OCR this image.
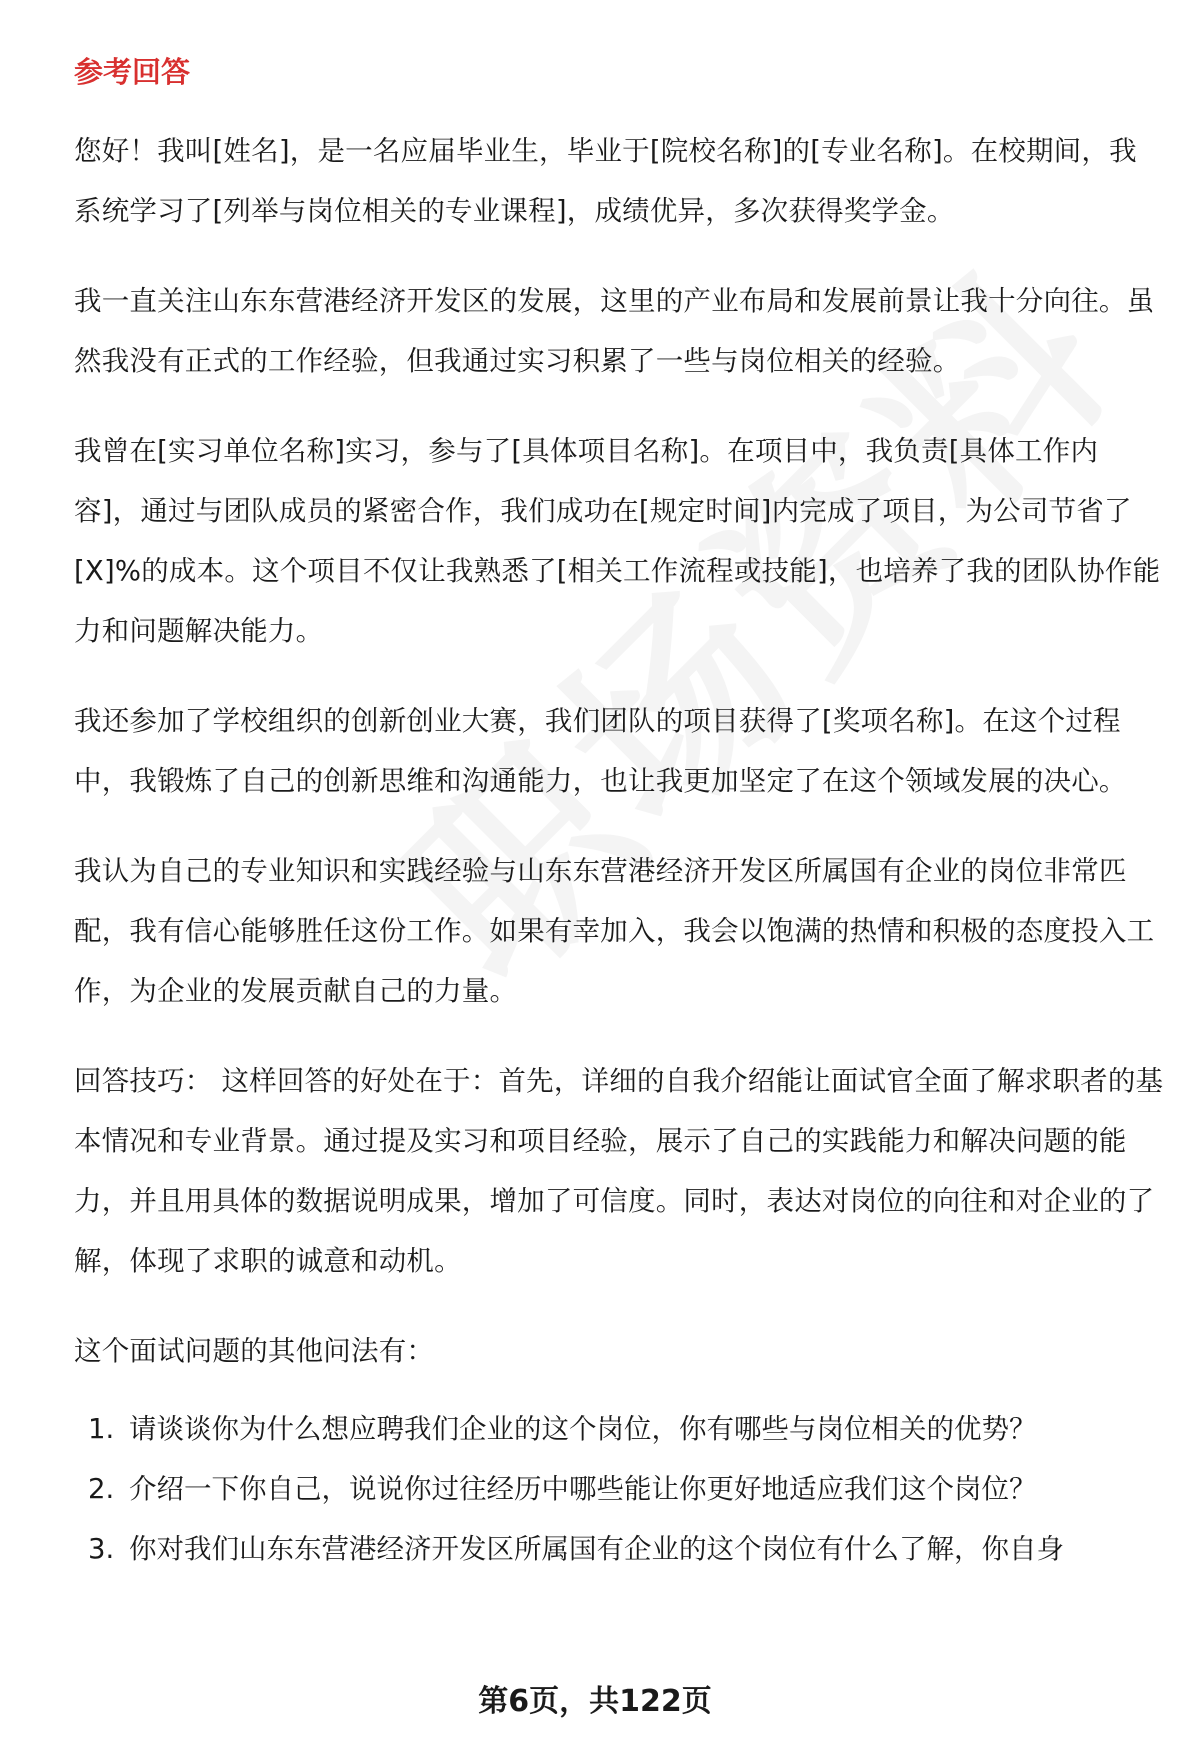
参考回答

您好！我叫[姓名]，是一名应届毕业生，毕业于[院校名称]的[专业名称]。在校期间，我系统学习了[列举与岗位相关的专业课程]，成绩优异，多次获得奖学金。

我一直关注山东东营港经济开发区的发展，这里的产业布局和发展前景让我十分向往。虽然我没有正式的工作经验，但我通过实习积累了一些与岗位相关的经验。

我曾在[实习单位名称]实习，参与了[具体项目名称]。在项目中，我负责[具体工作内容]，通过与团队成员的紧密合作，我们成功在[规定时间]内完成了项目，为公司节省了[X]%的成本。这个项目不仅让我熟悉了[相关工作流程或技能]，也培养了我的团队协作能力和问题解决能力。

我还参加了学校组织的创新创业大赛，我们团队的项目获得了[奖项名称]。在这个过程中，我锻炼了自己的创新思维和沟通能力，也让我更加坚定了在这个领域发展的决心。

我认为自己的专业知识和实践经验与山东东营港经济开发区所属国有企业的岗位非常匹配，我有信心能够胜任这份工作。如果有幸加入，我会以饱满的热情和积极的态度投入工作，为企业的发展贡献自己的力量。

回答技巧： 这样回答的好处在于：首先，详细的自我介绍能让面试官全面了解求职者的基本情况和专业背景。通过提及实习和项目经验，展示了自己的实践能力和解决问题的能力，并且用具体的数据说明成果，增加了可信度。同时，表达对岗位的向往和对企业的了解，体现了求职的诚意和动机。

这个面试问题的其他问法有：

1. 请谈谈你为什么想应聘我们企业的这个岗位，你有哪些与岗位相关的优势？
2. 介绍一下你自己，说说你过往经历中哪些能让你更好地适应我们这个岗位？
3. 你对我们山东东营港经济开发区所属国有企业的这个岗位有什么了解，你自身
第6页，共122页
